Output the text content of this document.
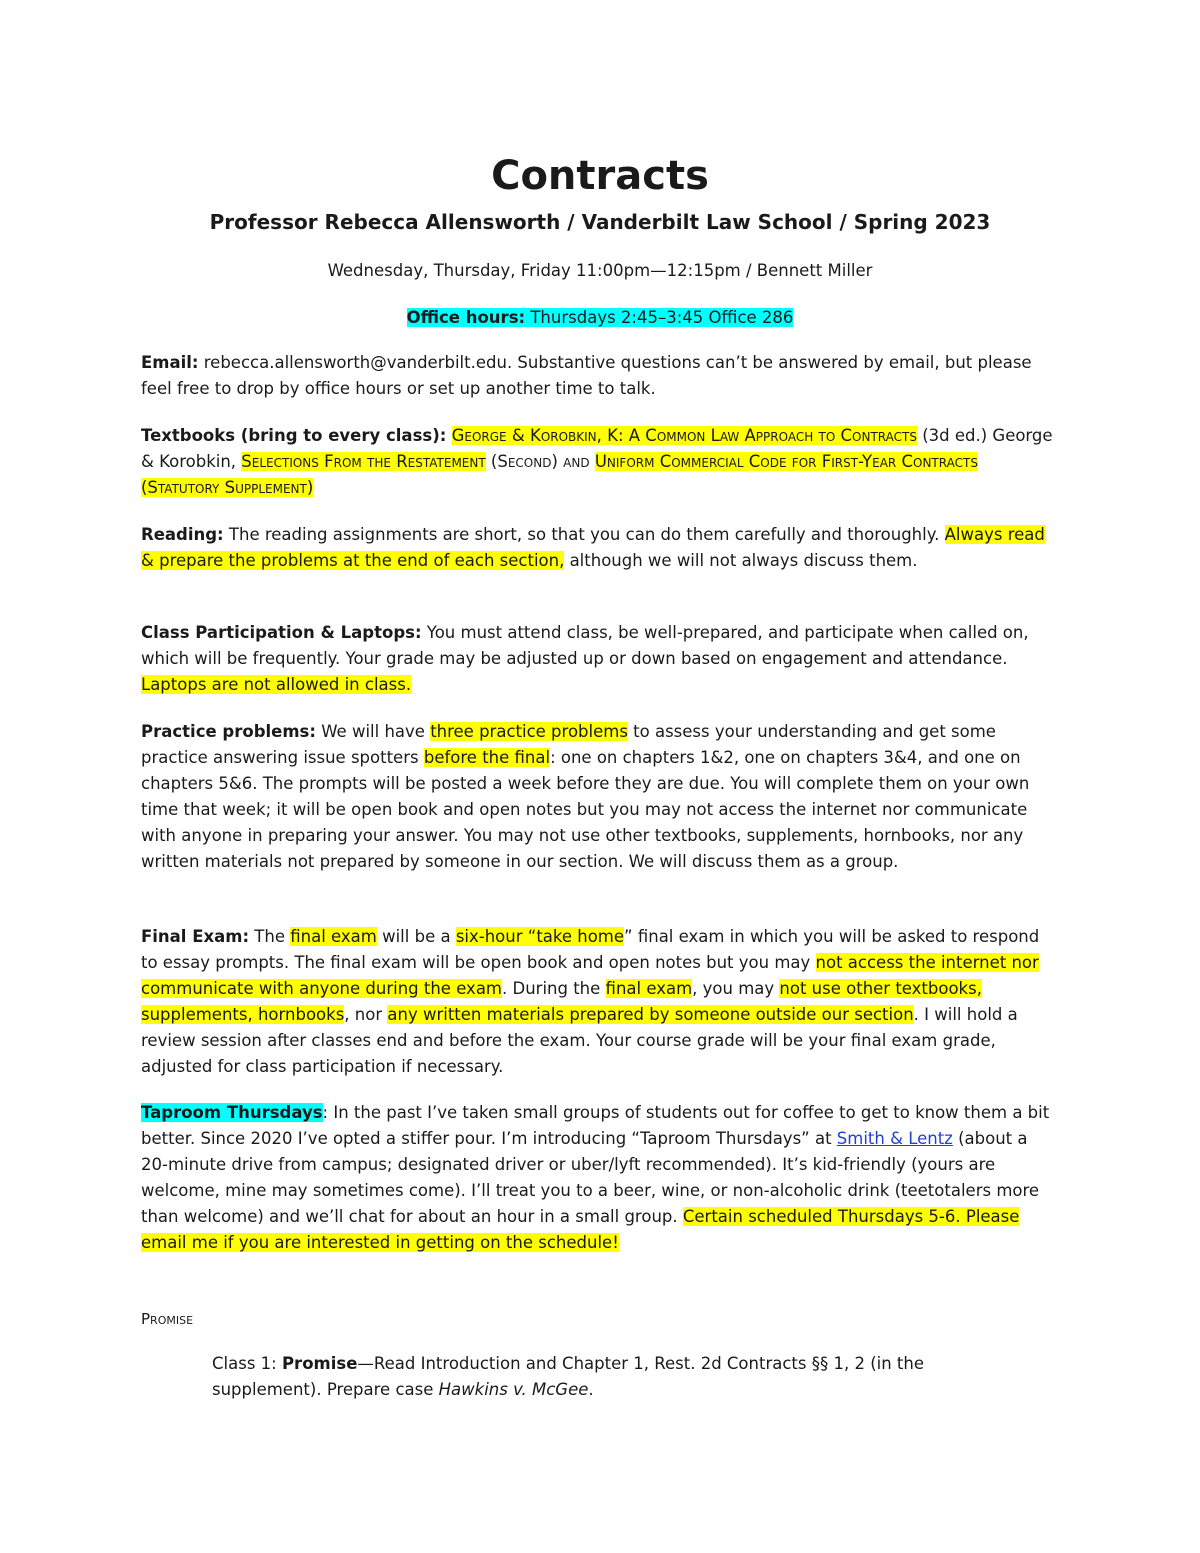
Contracts
Professor Rebecca Allensworth / Vanderbilt Law School / Spring 2023
Wednesday, Thursday, Friday 11:00pm—12:15pm / Bennett Miller
Office hours: Thursdays 2:45–3:45 Office 286
Email: rebecca.allensworth@vanderbilt.edu. Substantive questions can’t be answered by email, but please feel free to drop by office hours or set up another time to talk.
Textbooks (bring to every class): George & Korobkin, K: A Common Law Approach to Contracts (3d ed.) George & Korobkin, Selections From the Restatement (Second) and Uniform Commercial Code for First-Year Contracts (Statutory Supplement)
Reading: The reading assignments are short, so that you can do them carefully and thoroughly. Always read & prepare the problems at the end of each section, although we will not always discuss them.
Class Participation & Laptops: You must attend class, be well-prepared, and participate when called on, which will be frequently. Your grade may be adjusted up or down based on engagement and attendance. Laptops are not allowed in class.
Practice problems: We will have three practice problems to assess your understanding and get some practice answering issue spotters before the final: one on chapters 1&2, one on chapters 3&4, and one on chapters 5&6. The prompts will be posted a week before they are due. You will complete them on your own time that week; it will be open book and open notes but you may not access the internet nor communicate with anyone in preparing your answer. You may not use other textbooks, supplements, hornbooks, nor any written materials not prepared by someone in our section. We will discuss them as a group.
Final Exam: The final exam will be a six-hour “take home” final exam in which you will be asked to respond to essay prompts. The final exam will be open book and open notes but you may not access the internet nor communicate with anyone during the exam. During the final exam, you may not use other textbooks, supplements, hornbooks, nor any written materials prepared by someone outside our section. I will hold a review session after classes end and before the exam. Your course grade will be your final exam grade, adjusted for class participation if necessary.
Taproom Thursdays: In the past I’ve taken small groups of students out for coffee to get to know them a bit better. Since 2020 I’ve opted a stiffer pour. I’m introducing “Taproom Thursdays” at Smith & Lentz (about a 20-minute drive from campus; designated driver or uber/lyft recommended). It’s kid-friendly (yours are welcome, mine may sometimes come). I’ll treat you to a beer, wine, or non-alcoholic drink (teetotalers more than welcome) and we’ll chat for about an hour in a small group. Certain scheduled Thursdays 5-6. Please email me if you are interested in getting on the schedule!
Promise
Class 1: Promise—Read Introduction and Chapter 1, Rest. 2d Contracts §§ 1, 2 (in the supplement). Prepare case Hawkins v. McGee.
